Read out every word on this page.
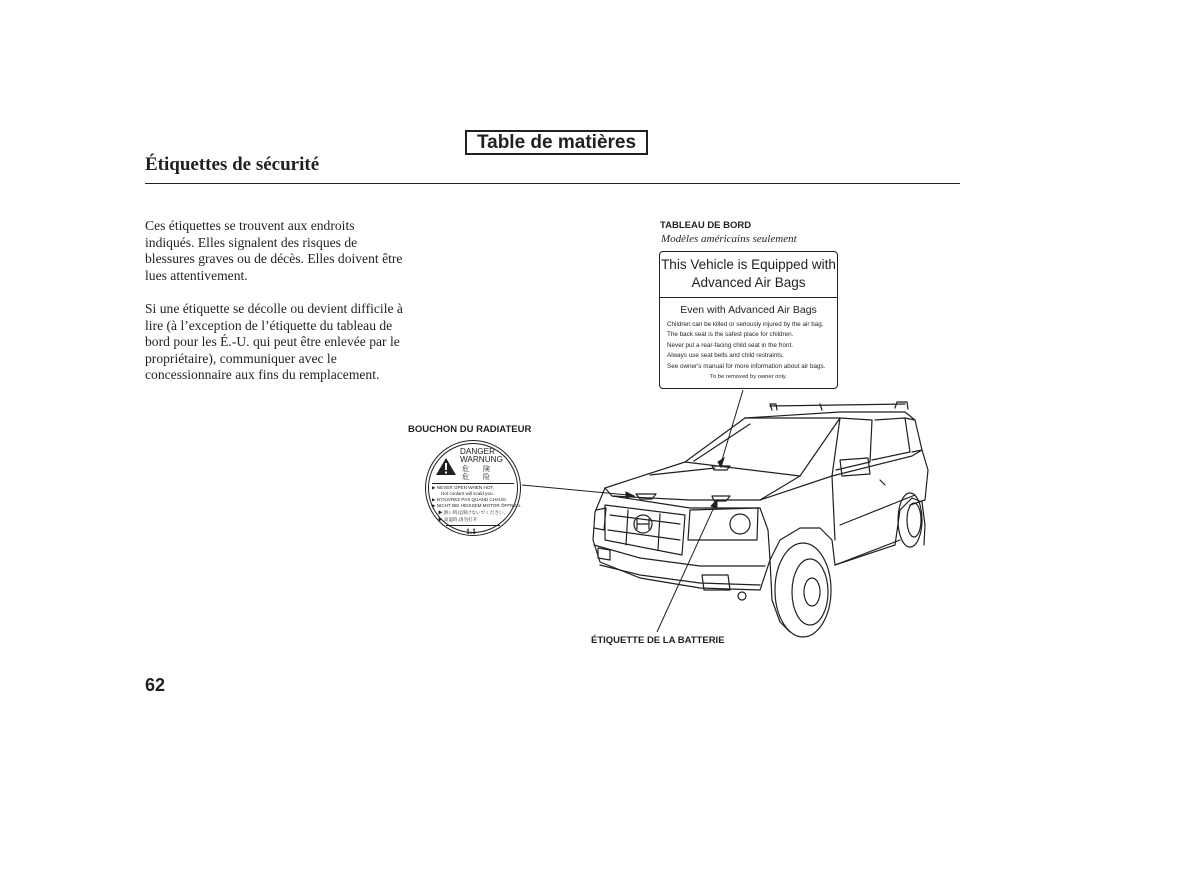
Table de matières
Étiquettes de sécurité

Ces étiquettes se trouvent aux endroits indiqués. Elles signalent des risques de blessures graves ou de décès. Elles doivent être lues attentivement.

Si une étiquette se décolle ou devient difficile à lire (à l’exception de l’étiquette du tableau de bord pour les É.-U. qui peut être enlevée par le propriétaire), communiquer avec le concessionnaire aux fins du remplacement.

TABLEAU DE BORD

Modèles américains seulement

BOUCHON DU RADIATEUR

ÉTIQUETTE DE LA BATTERIE

This Vehicle is Equipped with
Advanced Air Bags
Even with Advanced Air Bags
Children can be killed or seriously injured by the air bag.
The back seat is the safest place for children.
Never put a rear-facing child seat in the front.
Always use seat belts and child restraints.
See owner's manual for more information about air bags.
To be removed by owner only.
DANGER
WARNUNG
危 険
危 险
▶ NEVER OPEN WHEN HOT.
Hot coolant will scald you.
▶ N'OUVREZ PAS QUAND CHAUD.
▶ NICHT BEI HEISSEM MOTOR ÖFFNEN.
▶ 熱い時は開けないでください。
▶ 高温時,请勿打开
1.1

62
